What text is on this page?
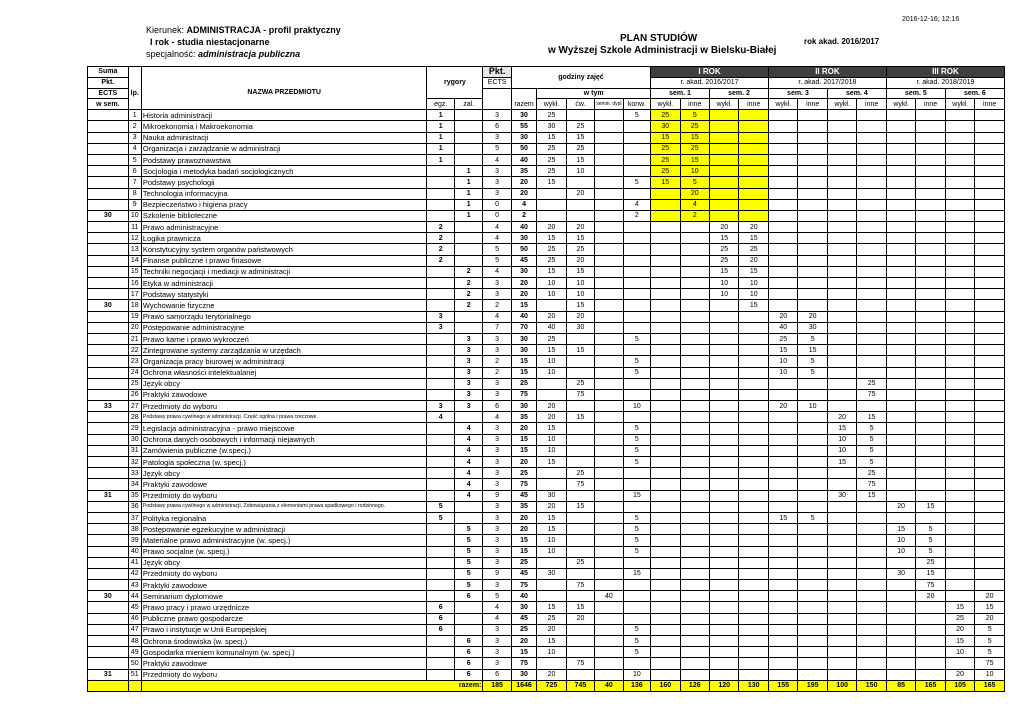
2016-12-16; 12:16
Kierunek: ADMINISTRACJA - profil praktyczny
I rok - studia niestacjonarne
specjalność: administracja publiczna
PLAN STUDIÓW
w Wyższej Szkole Administracji w Bielsku-Białej
rok akad. 2016/2017
Suma			rygory		Pkt.	godziny zajęć					I ROK				II ROK				III ROK			
Pkt.					ECTS						r. akad. 2016/2017				r. akad. 2017/2018				r. akad. 2018/2019			
ECTS	lp.	NAZWA PRZEDMIOTU				razem	w tym				sem. 1		sem. 2		sem. 3		sem. 4		sem. 5		sem. 6	
w sem.			egz.	zal.			wykł.	ćw.	semin. dypl	konw.	wykł.	inne	wykł.	inne	wykł.	inne	wykł.	inne	wykł.	inne	wykł.	inne
	1	Historia administracji	1		3	30	25			5	25	5										
	2	Mikroekonomia i Makroekonomia	1		6	55	30	25			30	25										
	3	Nauka administracji	1		3	30	15	15			15	15										
	4	Organizacja i zarządzanie w administracji	1		5	50	25	25			25	25										
	5	Podstawy prawoznawstwa	1		4	40	25	15			25	15										
	6	Socjologia i metodyka badań socjologicznych		1	3	35	25	10			25	10										
	7	Podstawy psychologii		1	3	20	15			5	15	5										
	8	Technologia informacyjna		1	3	20		20				20										
	9	Bezpieczeństwo i higiena pracy		1	0	4				4		4										
30	10	Szkolenie biblioteczne		1	0	2				2		2										
	11	Prawo administracyjne	2		4	40	20	20					20	20								
	12	Logika prawnicza	2		4	30	15	15					15	15								
	13	Konstytucyjny system organów państwowych	2		5	50	25	25					25	25								
	14	Finanse publiczne i prawo finasowe	2		5	45	25	20					25	20								
	15	Techniki negocjacji i mediacji w administracji		2	4	30	15	15					15	15								
	16	Etyka w administracji		2	3	20	10	10					10	10								
	17	Podstawy statystyki		2	3	20	10	10					10	10								
30	18	Wychowanie fizyczne		2	2	15		15						15								
	19	Prawo samorządu terytorialnego	3		4	40	20	20							20	20						
	20	Postępowanie administracyjne	3		7	70	40	30							40	30						
	21	Prawo karne i prawo wykroczeń		3	3	30	25			5					25	5						
	22	Zintegrowane systemy zarządzania w urzędach		3	3	30	15	15							15	15						
	23	Organizacja pracy biurowej w administracji		3	2	15	10			5					10	5						
	24	Ochrona własności intelektualanej		3	2	15	10			5					10	5						
	25	Język obcy		3	3	25		25										25				
	26	Praktyki zawodowe		3	3	75		75										75				
33	27	Przedmioty do wyboru	3	3	6	30	20			10					20	10						
	28	Podstawy prawa cywilnego w administracji. Część ogólna i prawa rzeczowe.	4		4	35	20	15									20	15				
	29	Legislacja administracyjna - prawo miejscowe		4	3	20	15			5							15	5				
	30	Ochrona danych osobowych i informacji niejawnych		4	3	15	10			5							10	5				
	31	Zamówienia publiczne (w.specj.)		4	3	15	10			5							10	5				
	32	Patologia społeczna (w. specj.)		4	3	20	15			5							15	5				
	33	Język obcy		4	3	25		25										25				
	34	Praktyki zawodowe		4	3	75		75										75				
31	35	Przedmioty do wyboru		4	9	45	30			15							30	15				
	36	Podstawy prawa cywilnego w administracji. Zobowiązania z elementami prawa spadkowego i rodzinnego.	5		3	35	20	15											20	15		
	37	Polityka regionalna	5		3	20	15			5					15	5						
	38	Postępowanie egzekucyjne w administracji		5	3	20	15			5									15	5		
	39	Materialne prawo administracyjne (w. specj.)		5	3	15	10			5									10	5		
	40	Prawo socjalne (w. specj.)		5	3	15	10			5									10	5		
	41	Język obcy		5	3	25		25												25		
	42	Przedmioty do wyboru		5	9	45	30			15									30	15		
	43	Praktyki zawodowe		5	3	75		75												75		
30	44	Seminarium dyplomowe		6	5	40			40											20		20
	45	Prawo pracy i prawo urzędnicze	6		4	30	15	15													15	15
	46	Publiczne prawo gospodarcze	6		4	45	25	20													25	20
	47	Prawo i instytucje w Unii Europejskiej	6		3	25	20			5											20	5
	48	Ochrona środowiska (w. specj.)		6	3	20	15			5											15	5
	49	Gospodarka mieniem komunalnym (w. specj.)		6	3	15	10			5											10	5
	50	Praktyki zawodowe		6	3	75		75														75
31	51	Przedmioty do wyboru		6	6	30	20			10											20	10
		razem:			185	1646	725	745	40	136	160	126	120	130	155	195	100	150	85	165	105	165
